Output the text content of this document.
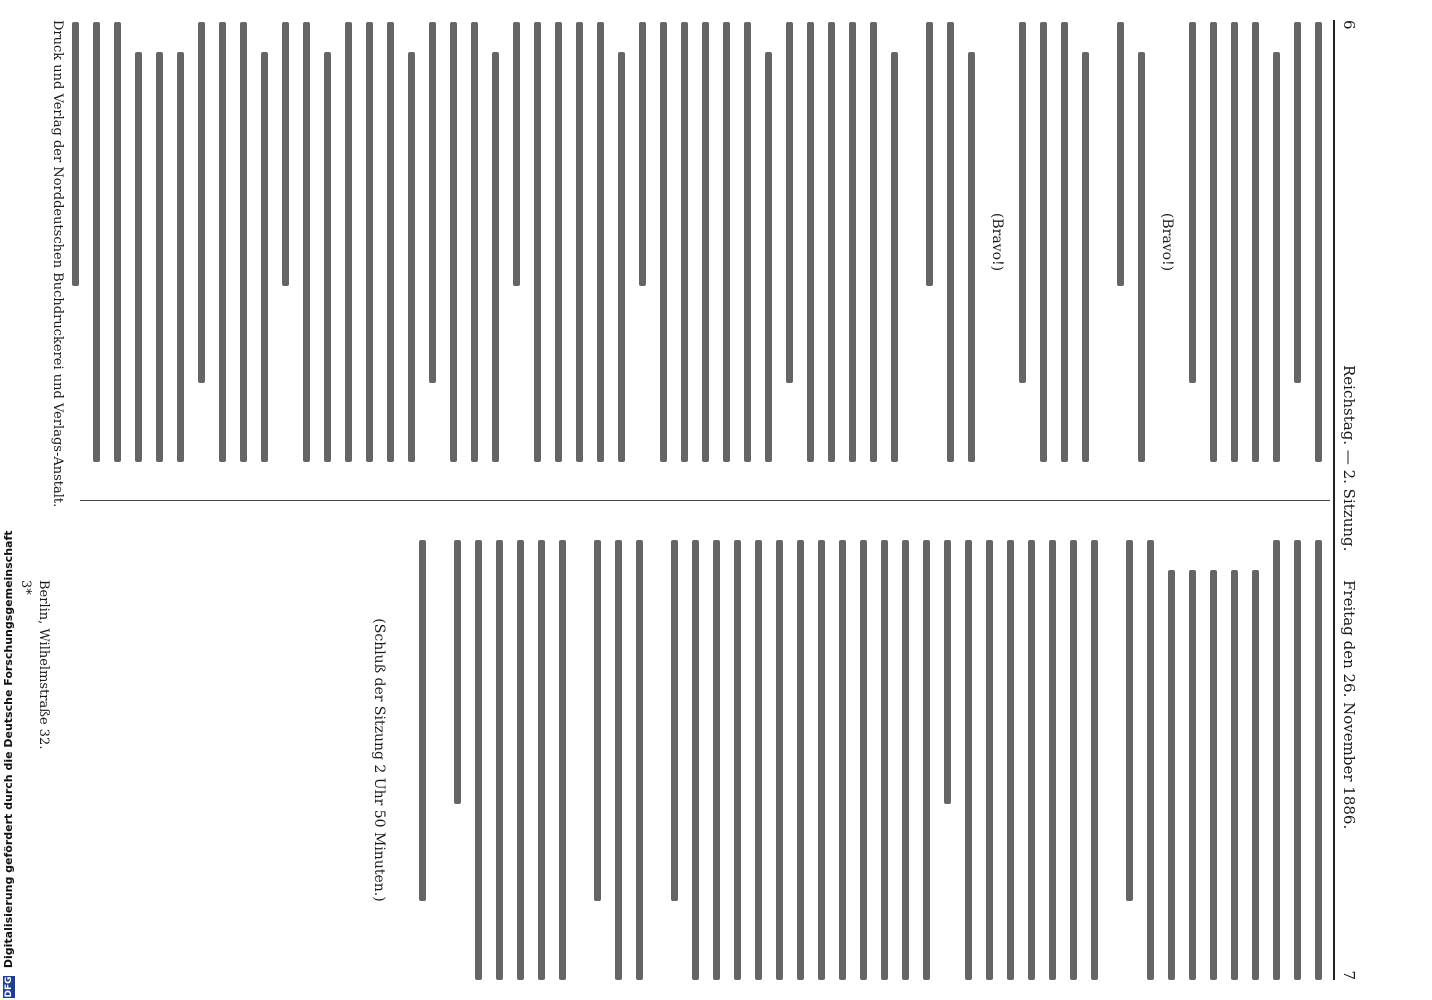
6
Reichstag. — 2. Sitzung.
Freitag den 26. November 1886.
7
(Bravo!)
(Bravo!)
(Schluß der Sitzung 2 Uhr 50 Minuten.)
Druck und Verlag der Norddeutschen Buchdruckerei und Verlags-Anstalt.
Berlin, Wilhelmstraße 32.
3*
DFG Digitalisierung gefördert durch die Deutsche Forschungsgemeinschaft
